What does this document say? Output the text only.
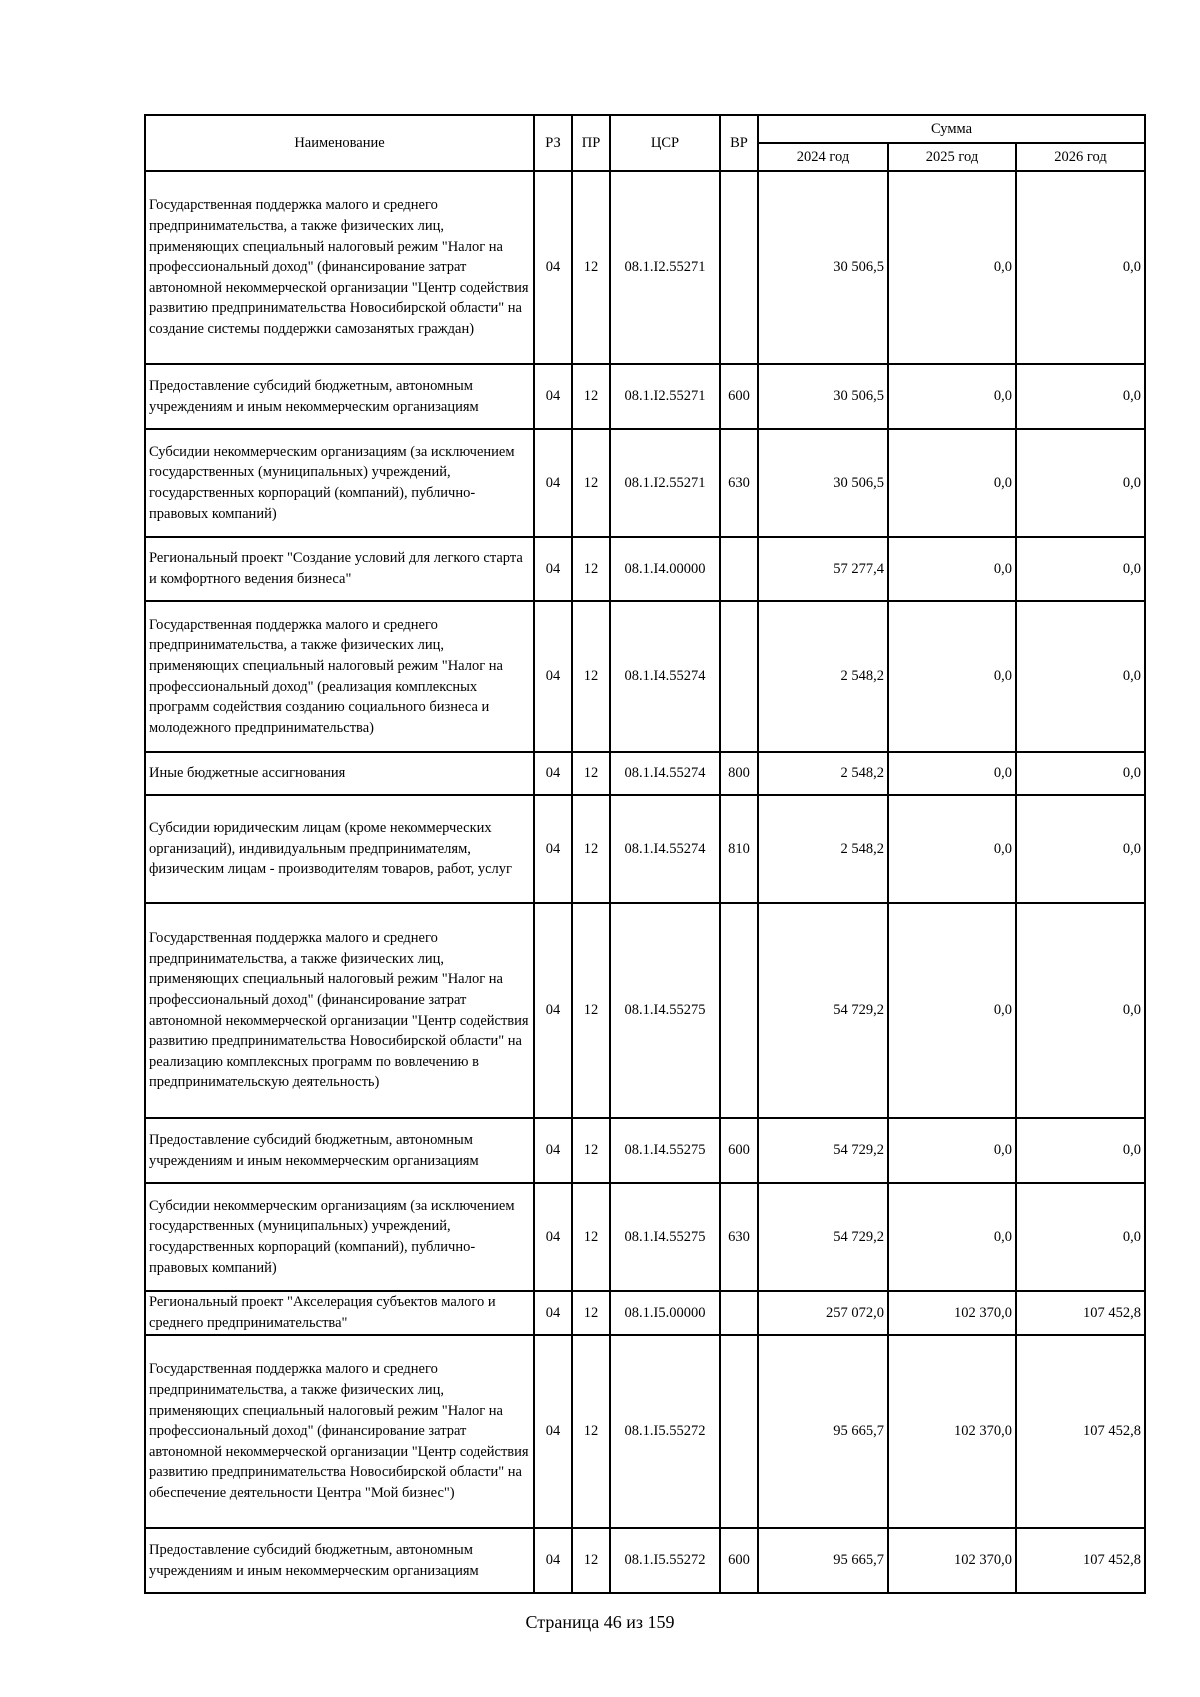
Наименование	РЗ	ПР	ЦСР	ВР	Сумма		
					2024 год	2025 год	2026 год
Государственная поддержка малого и среднего предпринимательства, а также физических лиц, применяющих специальный налоговый режим "Налог на профессиональный доход" (финансирование затрат автономной некоммерческой организации "Центр содействия развитию предпринимательства Новосибирской области" на создание системы поддержки самозанятых граждан)	04	12	08.1.I2.55271		30 506,5	0,0	0,0
Предоставление субсидий бюджетным, автономным учреждениям и иным некоммерческим организациям	04	12	08.1.I2.55271	600	30 506,5	0,0	0,0
Субсидии некоммерческим организациям (за исключением государственных (муниципальных) учреждений, государственных корпораций (компаний), публично-правовых компаний)	04	12	08.1.I2.55271	630	30 506,5	0,0	0,0
Региональный проект "Создание условий для легкого старта и комфортного ведения бизнеса"	04	12	08.1.I4.00000		57 277,4	0,0	0,0
Государственная поддержка малого и среднего предпринимательства, а также физических лиц, применяющих специальный налоговый режим "Налог на профессиональный доход" (реализация комплексных программ содействия созданию социального бизнеса и молодежного предпринимательства)	04	12	08.1.I4.55274		2 548,2	0,0	0,0
Иные бюджетные ассигнования	04	12	08.1.I4.55274	800	2 548,2	0,0	0,0
Субсидии юридическим лицам (кроме некоммерческих организаций), индивидуальным предпринимателям, физическим лицам - производителям товаров, работ, услуг	04	12	08.1.I4.55274	810	2 548,2	0,0	0,0
Государственная поддержка малого и среднего предпринимательства, а также физических лиц, применяющих специальный налоговый режим "Налог на профессиональный доход" (финансирование затрат автономной некоммерческой организации "Центр содействия развитию предпринимательства Новосибирской области" на реализацию комплексных программ по вовлечению в предпринимательскую деятельность)	04	12	08.1.I4.55275		54 729,2	0,0	0,0
Предоставление субсидий бюджетным, автономным учреждениям и иным некоммерческим организациям	04	12	08.1.I4.55275	600	54 729,2	0,0	0,0
Субсидии некоммерческим организациям (за исключением государственных (муниципальных) учреждений, государственных корпораций (компаний), публично-правовых компаний)	04	12	08.1.I4.55275	630	54 729,2	0,0	0,0
Региональный проект "Акселерация субъектов малого и среднего предпринимательства"	04	12	08.1.I5.00000		257 072,0	102 370,0	107 452,8
Государственная поддержка малого и среднего предпринимательства, а также физических лиц, применяющих специальный налоговый режим "Налог на профессиональный доход" (финансирование затрат автономной некоммерческой организации "Центр содействия развитию предпринимательства Новосибирской области" на обеспечение деятельности Центра "Мой бизнес")	04	12	08.1.I5.55272		95 665,7	102 370,0	107 452,8
Предоставление субсидий бюджетным, автономным учреждениям и иным некоммерческим организациям	04	12	08.1.I5.55272	600	95 665,7	102 370,0	107 452,8
Страница 46 из 159
